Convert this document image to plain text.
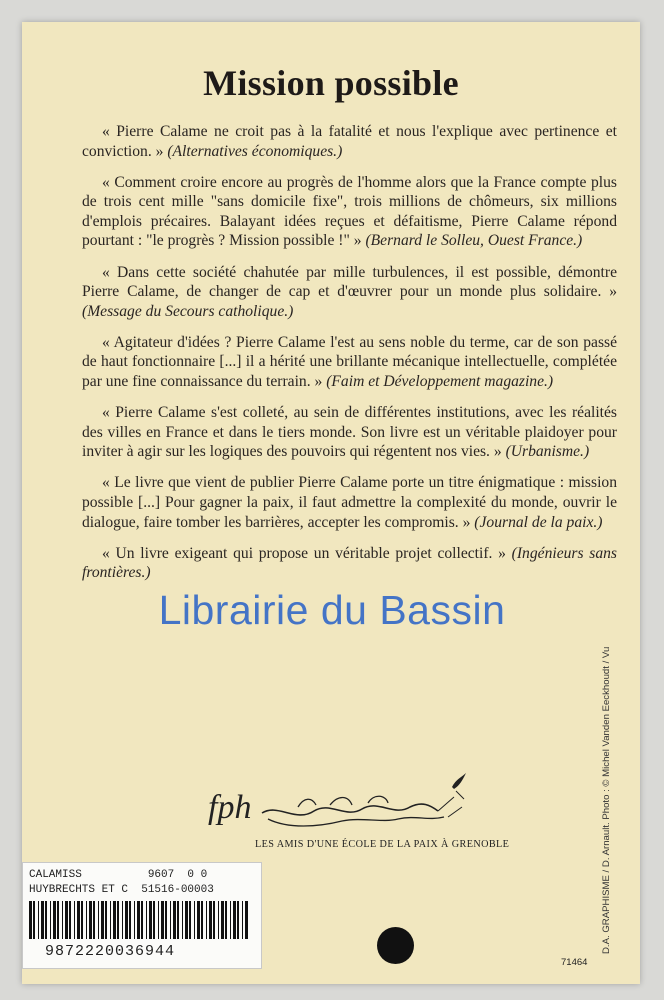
Mission possible

« Pierre Calame ne croit pas à la fatalité et nous l'explique avec pertinence et conviction. » (Alternatives économiques.)

« Comment croire encore au progrès de l'homme alors que la France compte plus de trois cent mille "sans domicile fixe", trois millions de chômeurs, six millions d'emplois précaires. Balayant idées reçues et défaitisme, Pierre Calame répond pourtant : "le progrès ? Mission possible !" » (Bernard le Solleu, Ouest France.)

« Dans cette société chahutée par mille turbulences, il est possible, démontre Pierre Calame, de changer de cap et d'œuvrer pour un monde plus solidaire. » (Message du Secours catholique.)

« Agitateur d'idées ? Pierre Calame l'est au sens noble du terme, car de son passé de haut fonctionnaire [...] il a hérité une brillante mécanique intellectuelle, complétée par une fine connaissance du terrain. » (Faim et Développement magazine.)

« Pierre Calame s'est colleté, au sein de différentes institutions, avec les réalités des villes en France et dans le tiers monde. Son livre est un véritable plaidoyer pour inviter à agir sur les logiques des pouvoirs qui régentent nos vies. » (Urbanisme.)

« Le livre que vient de publier Pierre Calame porte un titre énigmatique : mission possible [...] Pour gagner la paix, il faut admettre la complexité du monde, ouvrir le dialogue, faire tomber les barrières, accepter les compromis. » (Journal de la paix.)

« Un livre exigeant qui propose un véritable projet collectif. » (Ingénieurs sans frontières.)

D.A. GRAPHISME / D. Arnault. Photo : © Michel Vanden Eeckhoudt / Vu
fph
LES AMIS D'UNE ÉCOLE DE LA PAIX À GRENOBLE
71464
CALAMISS          9607  0 0
HUYBRECHTS ET C  51516-00003
9872220036944
Librairie du Bassin
